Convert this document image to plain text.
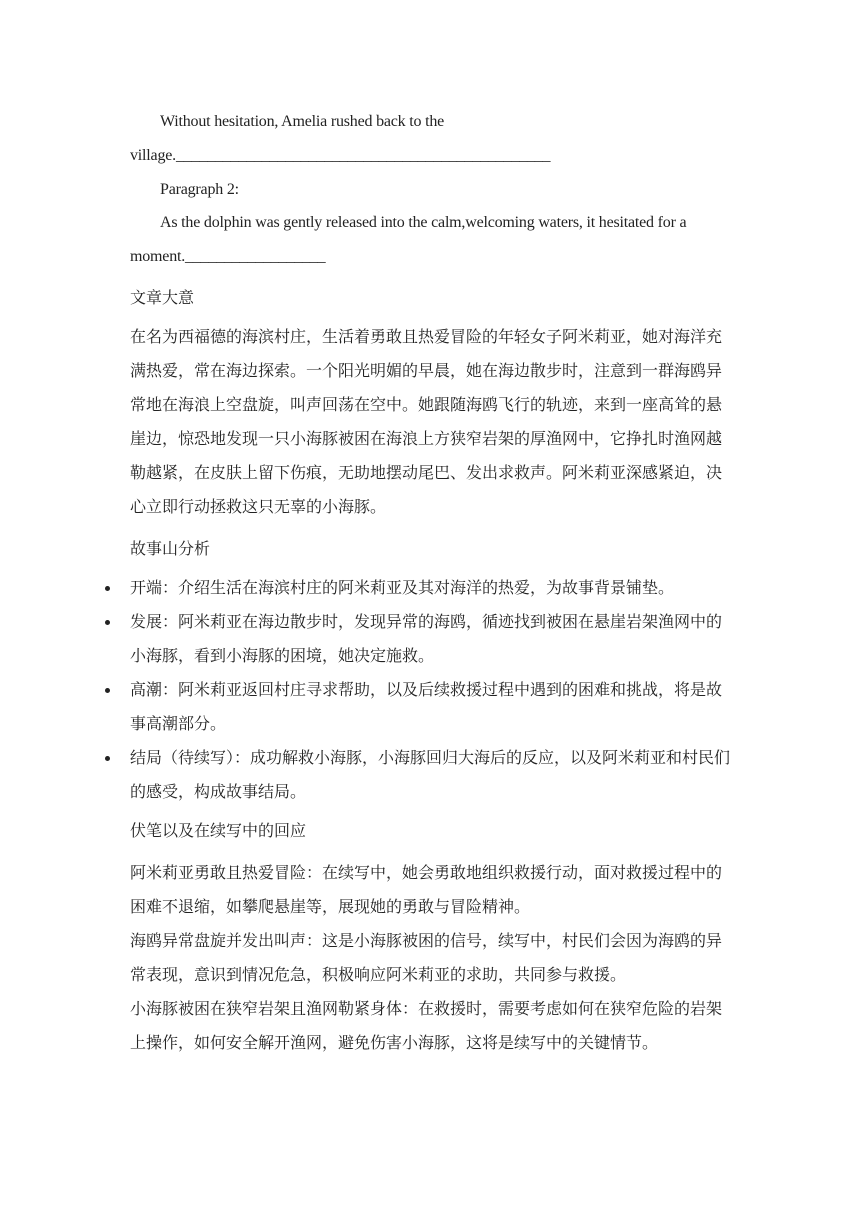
Without hesitation, Amelia rushed back to the
village.________________________________________________
Paragraph 2:
As the dolphin was gently released into the calm,welcoming waters, it hesitated for a
moment.__________________
文章大意
在名为西福德的海滨村庄，生活着勇敢且热爱冒险的年轻女子阿米莉亚，她对海洋充满热爱，常在海边探索。一个阳光明媚的早晨，她在海边散步时，注意到一群海鸥异常地在海浪上空盘旋，叫声回荡在空中。她跟随海鸥飞行的轨迹，来到一座高耸的悬崖边，惊恐地发现一只小海豚被困在海浪上方狭窄岩架的厚渔网中，它挣扎时渔网越勒越紧，在皮肤上留下伤痕，无助地摆动尾巴、发出求救声。阿米莉亚深感紧迫，决心立即行动拯救这只无辜的小海豚。
故事山分析
开端：介绍生活在海滨村庄的阿米莉亚及其对海洋的热爱，为故事背景铺垫。
发展：阿米莉亚在海边散步时，发现异常的海鸥，循迹找到被困在悬崖岩架渔网中的小海豚，看到小海豚的困境，她决定施救。
高潮：阿米莉亚返回村庄寻求帮助，以及后续救援过程中遇到的困难和挑战，将是故事高潮部分。
结局（待续写）：成功解救小海豚，小海豚回归大海后的反应，以及阿米莉亚和村民们的感受，构成故事结局。
伏笔以及在续写中的回应
阿米莉亚勇敢且热爱冒险：在续写中，她会勇敢地组织救援行动，面对救援过程中的困难不退缩，如攀爬悬崖等，展现她的勇敢与冒险精神。
海鸥异常盘旋并发出叫声：这是小海豚被困的信号，续写中，村民们会因为海鸥的异常表现，意识到情况危急，积极响应阿米莉亚的求助，共同参与救援。
小海豚被困在狭窄岩架且渔网勒紧身体：在救援时，需要考虑如何在狭窄危险的岩架上操作，如何安全解开渔网，避免伤害小海豚，这将是续写中的关键情节。
